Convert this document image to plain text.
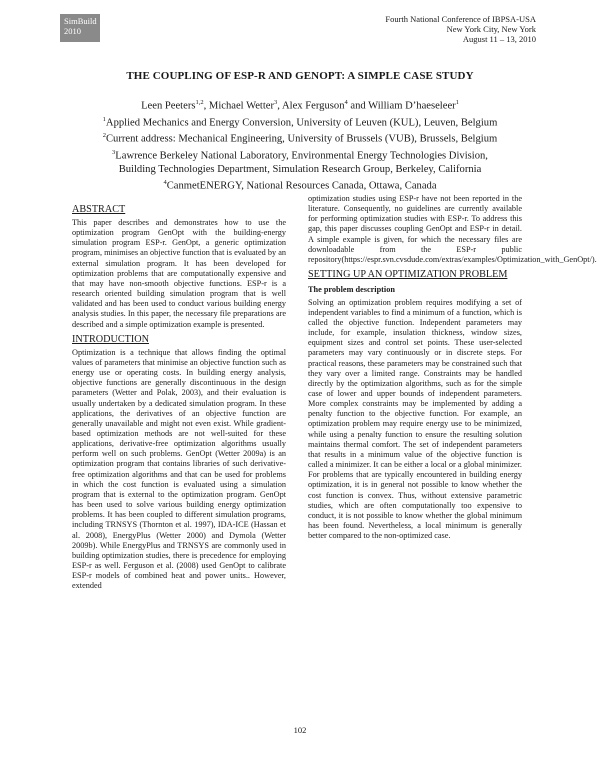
SimBuild
2010
Fourth National Conference of IBPSA-USA
New York City, New York
August 11 – 13, 2010
THE COUPLING OF ESP-R AND GENOPT: A SIMPLE CASE STUDY
Leen Peeters$^{1,2}$, Michael Wetter$^3$, Alex Ferguson$^4$ and William D’haeseleer$^1$
$^1$Applied Mechanics and Energy Conversion, University of Leuven (KUL), Leuven, Belgium
$^2$Current address: Mechanical Engineering, University of Brussels (VUB), Brussels, Belgium
$^3$Lawrence Berkeley National Laboratory, Environmental Energy Technologies Division,
Building Technologies Department, Simulation Research Group, Berkeley, California
$^4$CanmetENERGY, National Resources Canada, Ottawa, Canada
ABSTRACT

This paper describes and demonstrates how to use the optimization program GenOpt with the building-energy simulation program ESP-r. GenOpt, a generic optimization program, minimises an objective function that is evaluated by an external simulation program. It has been developed for optimization problems that are computationally expensive and that may have non-smooth objective functions. ESP-r is a research oriented building simulation program that is well validated and has been used to conduct various building energy analysis studies. In this paper, the necessary file preparations are described and a simple optimization example is presented.

INTRODUCTION

Optimization is a technique that allows finding the optimal values of parameters that minimise an objective function such as energy use or operating costs. In building energy analysis, objective functions are generally discontinuous in the design parameters (Wetter and Polak, 2003), and their evaluation is usually undertaken by a dedicated simulation program. In these applications, the derivatives of an objective function are generally unavailable and might not even exist. While gradient-based optimization methods are not well-suited for these applications, derivative-free optimization algorithms usually perform well on such problems. GenOpt (Wetter 2009a) is an optimization program that contains libraries of such derivative-free optimization algorithms and that can be used for problems in which the cost function is evaluated using a simulation program that is external to the optimization program. GenOpt has been used to solve various building energy optimization problems. It has been coupled to different simulation programs, including TRNSYS (Thornton et al. 1997), IDA-ICE (Hassan et al. 2008), EnergyPlus (Wetter 2000) and Dymola (Wetter 2009b). While EnergyPlus and TRNSYS are commonly used in building optimization studies, there is precedence for employing ESP-r as well. Ferguson et al. (2008) used GenOpt to calibrate ESP-r models of combined heat and power units.. However, extended

optimization studies using ESP-r have not been reported in the literature. Consequently, no guidelines are currently available for performing optimization studies with ESP-r. To address this gap, this paper discusses coupling GenOpt and ESP-r in detail. A simple example is given, for which the necessary files are downloadable from the ESP-r public repository(https://espr.svn.cvsdude.com/extras/examples/Optimization_with_GenOpt/).

SETTING UP AN OPTIMIZATION PROBLEM
The problem description

Solving an optimization problem requires modifying a set of independent variables to find a minimum of a function, which is called the objective function. Independent parameters may include, for example, insulation thickness, window sizes, equipment sizes and control set points. These user-selected parameters may vary continuously or in discrete steps. For practical reasons, these parameters may be constrained such that they vary over a limited range. Constraints may be handled directly by the optimization algorithms, such as for the simple case of lower and upper bounds of independent parameters. More complex constraints may be implemented by adding a penalty function to the objective function. For example, an optimization problem may require energy use to be minimized, while using a penalty function to ensure the resulting solution maintains thermal comfort. The set of independent parameters that results in a minimum value of the objective function is called a minimizer. It can be either a local or a global minimizer. For problems that are typically encountered in building energy optimization, it is in general not possible to know whether the cost function is convex. Thus, without extensive parametric studies, which are often computationally too expensive to conduct, it is not possible to know whether the global minimum has been found. Nevertheless, a local minimum is generally better compared to the non-optimized case.

102
